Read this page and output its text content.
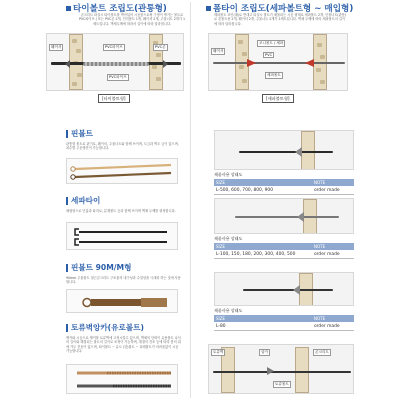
타이볼트 조립도(관통형)
콘크리트 타설시 타이볼트를 박아뒤어 시공함으로써 구멍이 생기는 볼트로 PVC파이프 ( 또는 PVC콘 2개, 인지볼트 1개, 웨이셔 2개, 주물너트 2개가 1세트입니다. 벽체두께에 따라서 길이에 따라 달라집니다.
웨이셔	PVC파이프	PVC콘
PVC파이프
[타이볼트형]
폼타이 조립도(세파볼트형 ~ 매입형)
세파볼트 조인(매)로 반대고 타설시 볼트가 매몰되는 시공 형태로 세파볼트 2개, 인장너트(관통)로 본볼트용 2개, 웨이셔 2개, 주물너트 2개가 1세트입니다. 벽체 두께에 따라 세파볼트의 길이에 따라 달라집니다.
코니볼트 / 세파
웨이셔
PVC
세파볼트
[세파볼트형]
핀볼트
관통형 볼트로 핀기로, 웨이셔, 주물너트와 함께 쓰이며, 도금과 벽도 금이 있으며, 치수별 주문생산이 가능합니다.
제품사용 상태도
SIZE	NOTE
L-500, 600, 700, 800, 900	order made
세파타이
매립형으로 단홀과 타지로, 분재볼트 등과 함께 쓰이며 벽체 두께를 형성합니다.
제품사용 상태도
SIZE	NOTE
L-100, 150, 180, 200, 300, 400, 500	order made
핀볼트 90M/M형
90mm 주물볼트 철근콘크리트 구조물의 내구성과 수밀성을 극대화 하는 것에 사용합니다.
제품사용 상태도
SIZE	NOTE
L-80	order made
토류벽앙카(유로볼트)
앵커와 시공으로 앵커볼 토류벽에 고정시킬수 있으며, 벽체의 단락이 유용볼트 나사의 길이와 해결되는 볼트의 길이로 조정이 가능하며, 계절의 건조 등에 따라 봉의 위에 가두 진동이 없으며, 타이볼트 ~ 유도 (앙)볼트 ~ 옥레볼트가 어려움없이 시공 가능합니다.	토류벽	앙카	콘크리트
토류볼트
